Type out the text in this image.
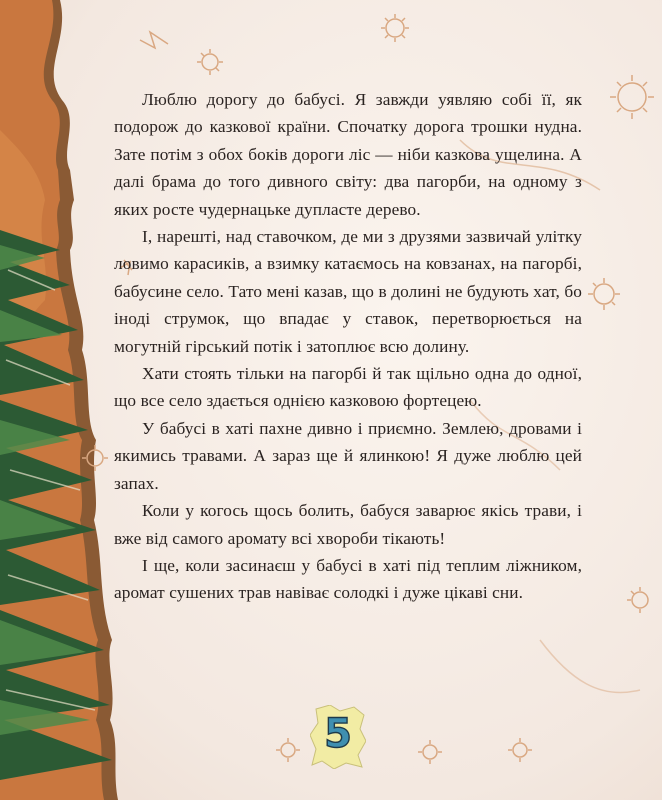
Люблю дорогу до бабусі. Я завжди уявляю собі її, як подорож до казкової країни. Спочатку дорога трошки нудна. Зате потім з обох боків дороги ліс — ніби казкова ущелина. А далі брама до того дивного світу: два пагорби, на одному з яких росте чудернацьке дупласте дерево.

І, нарешті, над ставочком, де ми з друзями зазвичай улітку ловимо карасиків, а взимку катаємось на ковзанах, на пагорбі, бабусине село. Тато мені казав, що в долині не будують хат, бо іноді струмок, що впадає у ставок, перетворюється на могутній гірський потік і затоплює всю долину.

Хати стоять тільки на пагорбі й так щільно одна до одної, що все село здається однією казковою фортецею.

У бабусі в хаті пахне дивно і приємно. Землею, дровами і якимись травами. А зараз ще й ялинкою! Я дуже люблю цей запах.

Коли у когось щось болить, бабуся заварює якісь трави, і вже від самого аромату всі хвороби тікають!

І ще, коли засинаєш у бабусі в хаті під теплим ліжником, аромат сушених трав навіває солодкі і дуже цікаві сни.

5
